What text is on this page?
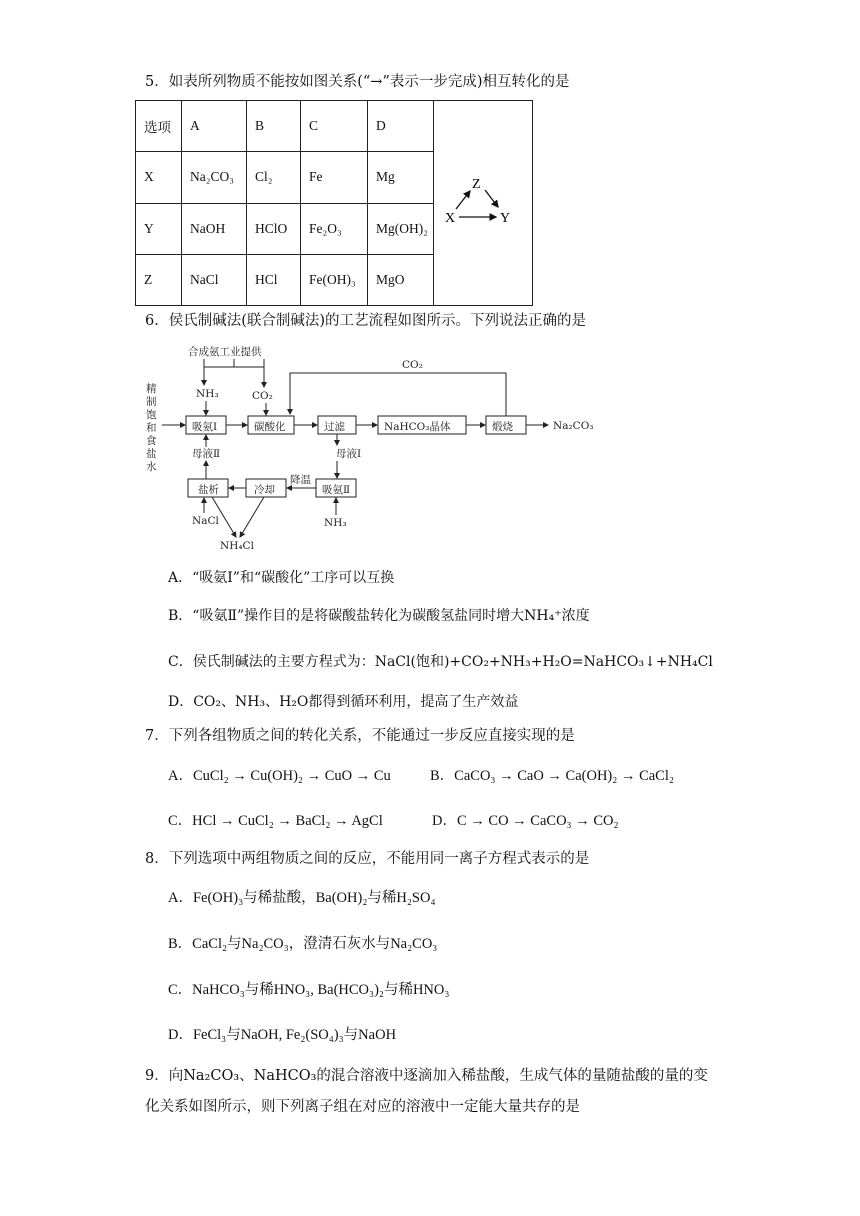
5．如表所列物质不能按如图关系(“→”表示一步完成)相互转化的是
选项	A	B	C	D	Z
X Y

X	Na₂CO₃	Cl₂	Fe	Mg	
Y	NaOH	HClO	Fe₂O₃	Mg(OH)₂	
Z	NaCl	HCl	Fe(OH)₃	MgO	
6．侯氏制碱法(联合制碱法)的工艺流程如图所示。下列说法正确的是
合成氨工业提供
NH₃	CO₂
CO₂
精
制
饱
和
食
盐
水
吸氨Ⅰ	碳酸化	过滤	NaHCO₃晶体	煅烧	Na₂CO₃
母液Ⅱ	母液Ⅰ
盐析	冷却	吸氨Ⅱ
降温
NaCl	NH₃
NH₄Cl
A．“吸氨Ⅰ”和“碳酸化”工序可以互换
B．“吸氨Ⅱ”操作目的是将碳酸盐转化为碳酸氢盐同时增大NH₄⁺浓度
C．侯氏制碱法的主要方程式为：NaCl(饱和)+CO₂+NH₃+H₂O=NaHCO₃↓+NH₄Cl
D．CO₂、NH₃、H₂O都得到循环利用，提高了生产效益
7．下列各组物质之间的转化关系，不能通过一步反应直接实现的是
A．CuCl₂ → Cu(OH)₂ → CuO → Cu	B．CaCO₃ → CaO → Ca(OH)₂ → CaCl₂
C．HCl → CuCl₂ → BaCl₂ → AgCl	D．C → CO → CaCO₃ → CO₂
8．下列选项中两组物质之间的反应，不能用同一离子方程式表示的是
A．Fe(OH)₃与稀盐酸，Ba(OH)₂与稀H₂SO₄
B．CaCl₂与Na₂CO₃，澄清石灰水与Na₂CO₃
C．NaHCO₃与稀HNO₃, Ba(HCO₃)₂与稀HNO₃
D．FeCl₃与NaOH, Fe₂(SO₄)₃与NaOH
9．向Na₂CO₃、NaHCO₃的混合溶液中逐滴加入稀盐酸，生成气体的量随盐酸的量的变
化关系如图所示，则下列离子组在对应的溶液中一定能大量共存的是
